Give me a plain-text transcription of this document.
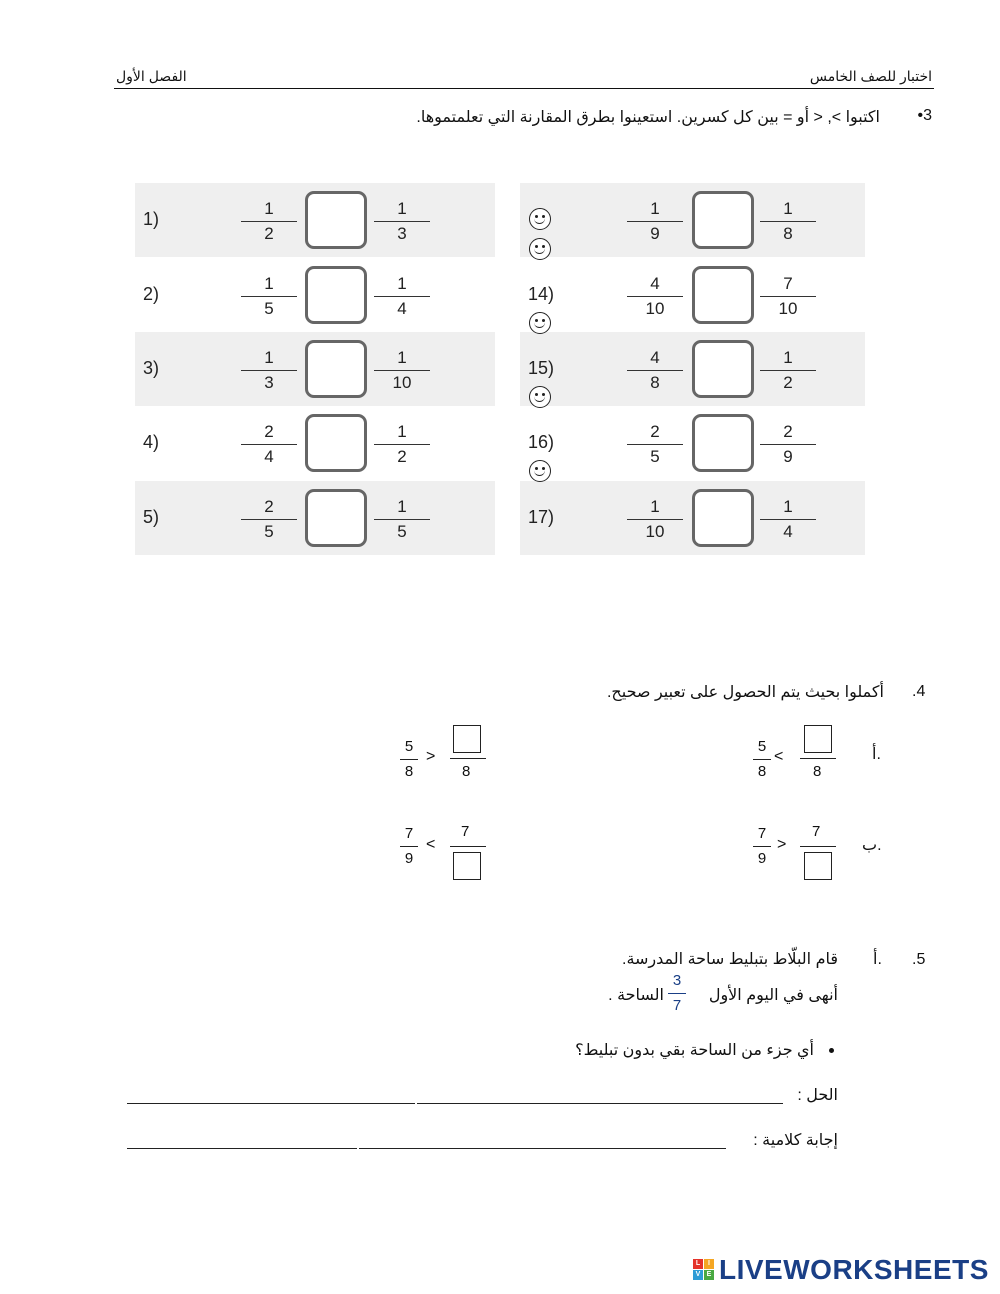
الفصل الأول	اختبار للصف الخامس
•3
اكتبوا >, < أو = بين كل كسرين. استعينوا بطرق المقارنة التي تعلمتموها.
1)
1
2
1
3
2)
1
5
1
4
3)
1
3
1
10
4)
2
4
1
2
5)
2
5
1
5
1
9
1
8
14)
4
10
7
10
15)
4
8
1
2
16)
2
5
2
9
17)
1
10
1
4
.4
أكملوا بحيث يتم الحصول على تعبير صحيح.
أ.
ب.
5
8
<
8
5
8
>
8
7
9
>
7
7
9
<
7
.5
أ.
قام البلّاط بتبليط ساحة المدرسة.
أنهى في اليوم الأول
3
7
الساحة .
أي جزء من الساحة بقي بدون تبليط؟
الحل :
إجابة كلامية :
L	I
V E LIVEWORKSHEETS
